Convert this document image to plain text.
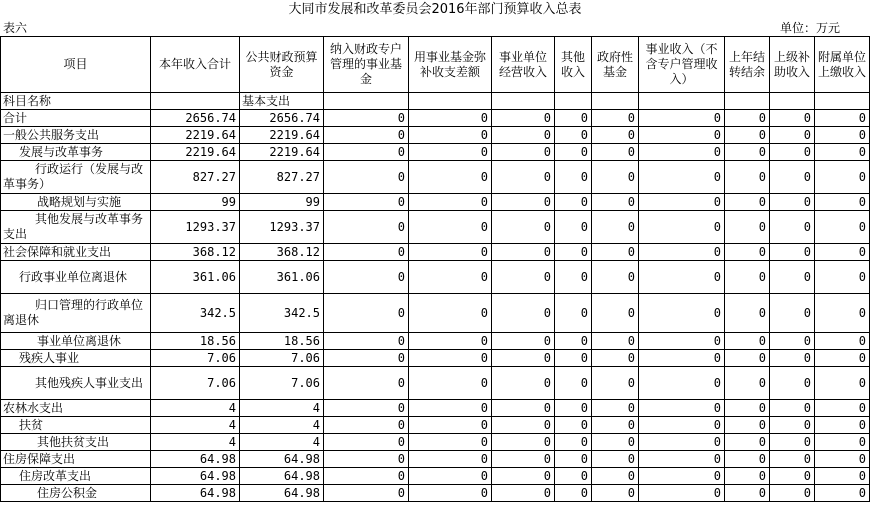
大同市发展和改革委员会2016年部门预算收入总表
表六	单位：万元
项目	本年收入合计	公共财政预算资金	纳入财政专户管理的事业基金	用事业基金弥补收支差额	事业单位经营收入	其他收入	政府性基金	事业收入（不含专户管理收入）	上年结转结余	上级补助收入	附属单位上缴收入
科目名称		基本支出									
合计	2656.74	2656.74	0	0	0	0	0	0	0	0	0
一般公共服务支出	2219.64	2219.64	0	0	0	0	0	0	0	0	0
发展与改革事务	2219.64	2219.64	0	0	0	0	0	0	0	0	0
行政运行（发展与改革事务）	827.27	827.27	0	0	0	0	0	0	0	0	0
战略规划与实施	99	99	0	0	0	0	0	0	0	0	0
其他发展与改革事务支出	1293.37	1293.37	0	0	0	0	0	0	0	0	0
社会保障和就业支出	368.12	368.12	0	0	0	0	0	0	0	0	0
行政事业单位离退休	361.06	361.06	0	0	0	0	0	0	0	0	0
归口管理的行政单位离退休	342.5	342.5	0	0	0	0	0	0	0	0	0
事业单位离退休	18.56	18.56	0	0	0	0	0	0	0	0	0
残疾人事业	7.06	7.06	0	0	0	0	0	0	0	0	0
其他残疾人事业支出	7.06	7.06	0	0	0	0	0	0	0	0	0
农林水支出	4	4	0	0	0	0	0	0	0	0	0
扶贫	4	4	0	0	0	0	0	0	0	0	0
其他扶贫支出	4	4	0	0	0	0	0	0	0	0	0
住房保障支出	64.98	64.98	0	0	0	0	0	0	0	0	0
住房改革支出	64.98	64.98	0	0	0	0	0	0	0	0	0
住房公积金	64.98	64.98	0	0	0	0	0	0	0	0	0
